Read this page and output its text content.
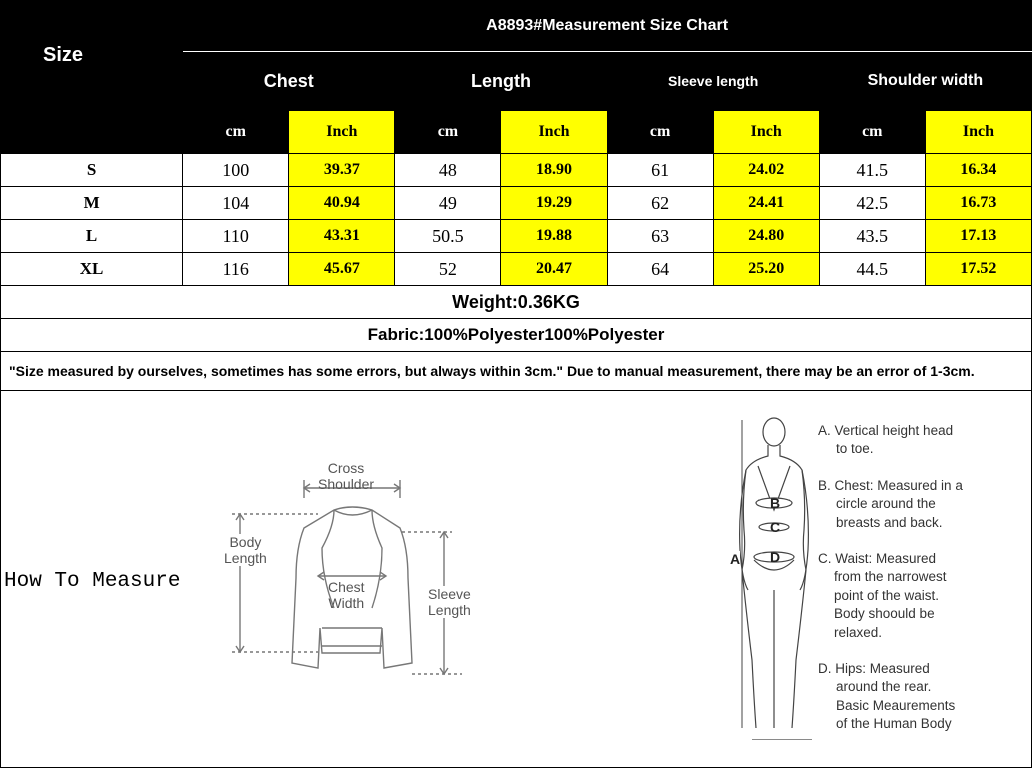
Size	A8893#Measurement Size Chart							
	Chest		Length		Sleeve length		Shoulder width	
	cm	Inch	cm	Inch	cm	Inch	cm	Inch
S	100	39.37	48	18.90	61	24.02	41.5	16.34
M	104	40.94	49	19.29	62	24.41	42.5	16.73
L	110	43.31	50.5	19.88	63	24.80	43.5	17.13
XL	116	45.67	52	20.47	64	25.20	44.5	17.52
Weight:0.36KG								
Fabric:100%Polyester100%Polyester								
"Size measured by ourselves, sometimes has some errors, but always within 3cm." Due to manual measurement, there may be an error of 1-3cm.								

How To Measure
Cross
Shoulder
Body
Length
Chest
Width
Sleeve
Length
A
B
C
D
A. Vertical height head
to toe.
B. Chest: Measured in a
circle around the
breasts and back.
C. Waist: Measured
from the narrowest
point of the waist.
Body shoould be
relaxed.
D. Hips: Measured
around the rear.
Basic Meaurements
of the Human Body
